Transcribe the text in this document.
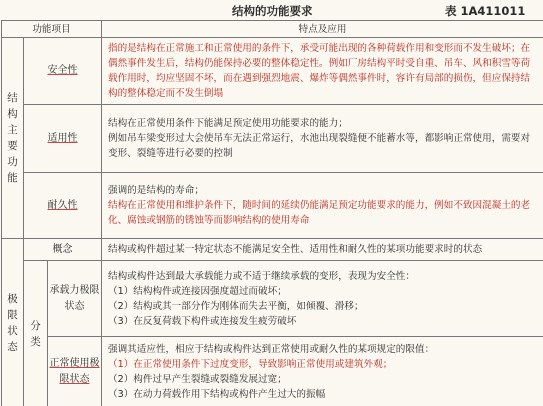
结构的功能要求	表 1A411011
功能项目			特点及应用
结构主要功能	安全性		指的是结构在正常施工和正常使用的条件下，承受可能出现的各种荷载作用和变形而不发生破坏；在偶然事件发生后，结构仍能保持必要的整体稳定性。例如厂房结构平时受自重、吊车、风和积雪等荷载作用时，均应坚固不坏，而在遇到强烈地震、爆炸等偶然事件时，容许有局部的损伤，但应保持结构的整体稳定而不发生倒塌

	适用性		结构在正常使用条件下能满足预定使用功能要求的能力；
例如吊车梁变形过大会使吊车无法正常运行，水池出现裂缝便不能蓄水等，都影响正常使用，需要对变形、裂缝等进行必要的控制

	耐久性		强调的是结构的寿命；
结构在正常使用和维护条件下，随时间的延续仍能满足预定功能要求的能力，例如不致因混凝土的老化、腐蚀或钢筋的锈蚀等而影响结构的使用寿命

极限状态	概念		结构或构件超过某一特定状态不能满足安全性、适用性和耐久性的某项功能要求时的状态
	分类	承载力极限状态	结构或构件达到最大承载能力或不适于继续承载的变形，表现为安全性：
（1）结构构件或连接因强度超过而破坏；
（2）结构或其一部分作为刚体而失去平衡，如倾覆、滑移；
（3）在反复荷载下构件或连接发生疲劳破坏

		正常使用极限状态	强调其适应性，相应于结构或构件达到正常使用或耐久性的某项规定的限值：
（1）在正常使用条件下过度变形，导致影响正常使用或建筑外观；
（2）构件过早产生裂缝或裂缝发展过宽；
（3）在动力荷载作用下结构或构件产生过大的振幅
